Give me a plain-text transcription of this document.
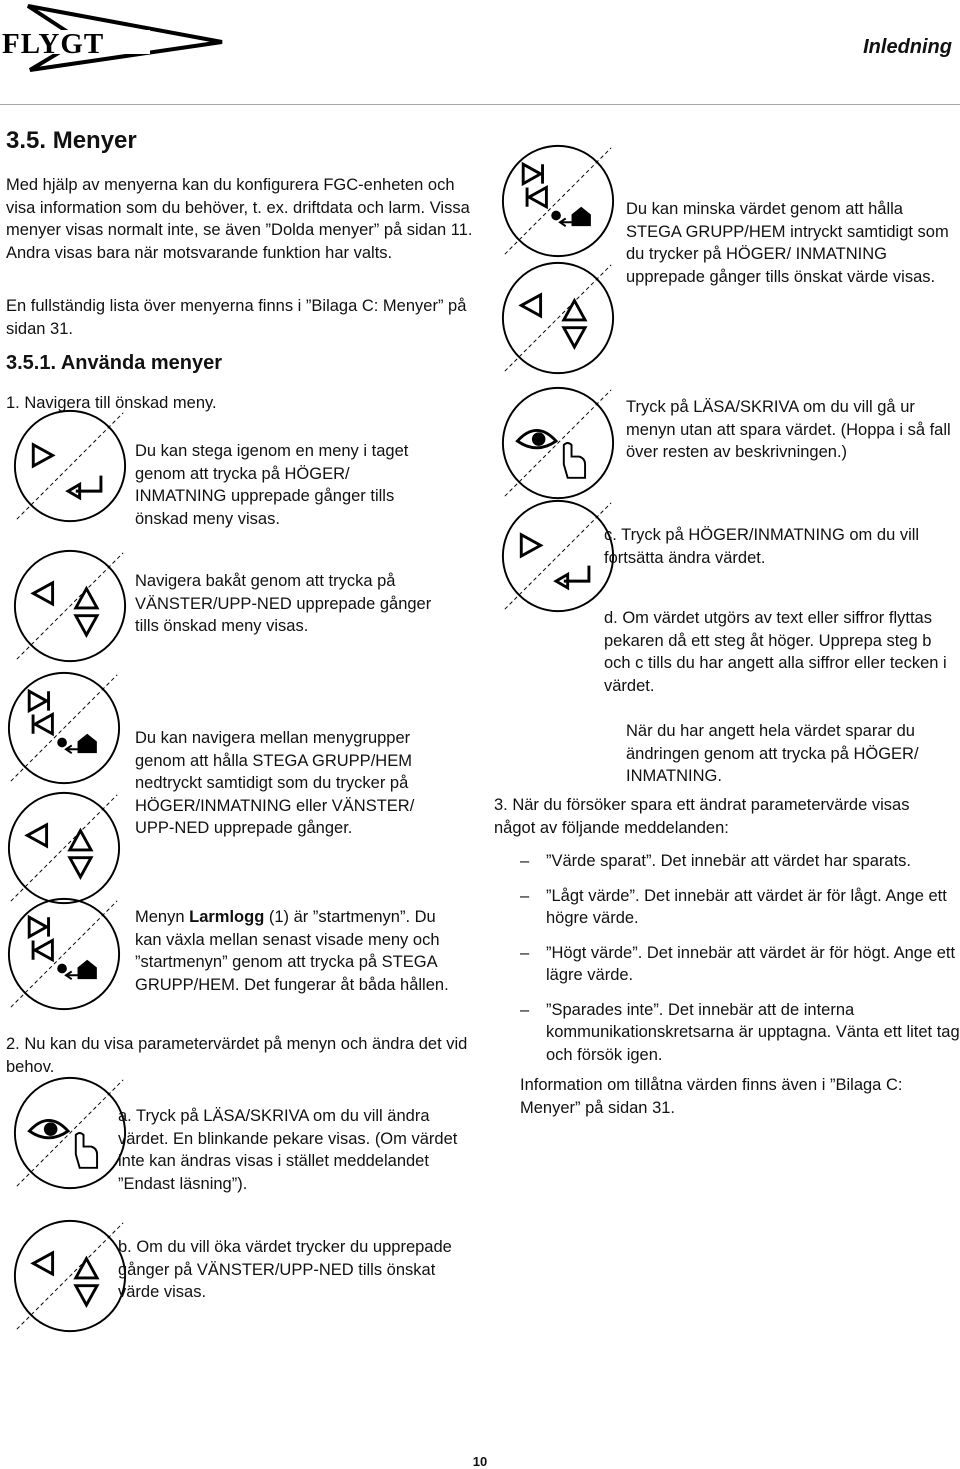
FLYGT	Inledning
3.5. Menyer
Med hjälp av menyerna kan du konfigurera FGC-enheten och visa information som du behöver, t. ex. driftdata och larm. Vissa menyer visas normalt inte, se även ”Dolda menyer” på sidan 11. Andra visas bara när motsvarande funktion har valts.
En fullständig lista över menyerna finns i ”Bilaga C: Menyer” på sidan 31.
3.5.1. Använda menyer
1. Navigera till önskad meny.
Du kan stega igenom en meny i taget genom att trycka på HÖGER/ INMATNING upprepade gånger tills önskad meny visas.
Navigera bakåt genom att trycka på VÄNSTER/UPP-NED upprepade gånger tills önskad meny visas.
Du kan navigera mellan menygrupper genom att hålla STEGA GRUPP/HEM nedtryckt samtidigt som du trycker på HÖGER/INMATNING eller VÄNSTER/ UPP-NED upprepade gånger.
Menyn Larmlogg (1) är ”startmenyn”. Du kan växla mellan senast visade meny och ”startmenyn” genom att trycka på STEGA GRUPP/HEM. Det fungerar åt båda hållen.
2. Nu kan du visa parametervärdet på menyn och ändra det vid behov.
a. Tryck på LÄSA/SKRIVA om du vill ändra värdet. En blinkande pekare visas. (Om värdet inte kan ändras visas i stället meddelandet ”Endast läsning”).
b. Om du vill öka värdet trycker du upprepade gånger på VÄNSTER/UPP-NED tills önskat värde visas.
Du kan minska värdet genom att hålla STEGA GRUPP/HEM intryckt samtidigt som du trycker på HÖGER/ INMATNING upprepade gånger tills önskat värde visas.
Tryck på LÄSA/SKRIVA om du vill gå ur menyn utan att spara värdet. (Hoppa i så fall över resten av beskrivningen.)
c. Tryck på HÖGER/INMATNING om du vill fortsätta ändra värdet.
d. Om värdet utgörs av text eller siffror flyttas pekaren då ett steg åt höger. Upprepa steg b och c tills du har angett alla siffror eller tecken i värdet.
När du har angett hela värdet sparar du ändringen genom att trycka på HÖGER/ INMATNING.
3. När du försöker spara ett ändrat parametervärde visas något av följande meddelanden:
– ”Värde sparat”. Det innebär att värdet har sparats.
– ”Lågt värde”. Det innebär att värdet är för lågt. Ange ett högre värde.
– ”Högt värde”. Det innebär att värdet är för högt. Ange ett lägre värde.
– ”Sparades inte”. Det innebär att de interna kommunikationskretsarna är upptagna. Vänta ett litet tag och försök igen.
Information om tillåtna värden finns även i ”Bilaga C: Menyer” på sidan 31.
10
